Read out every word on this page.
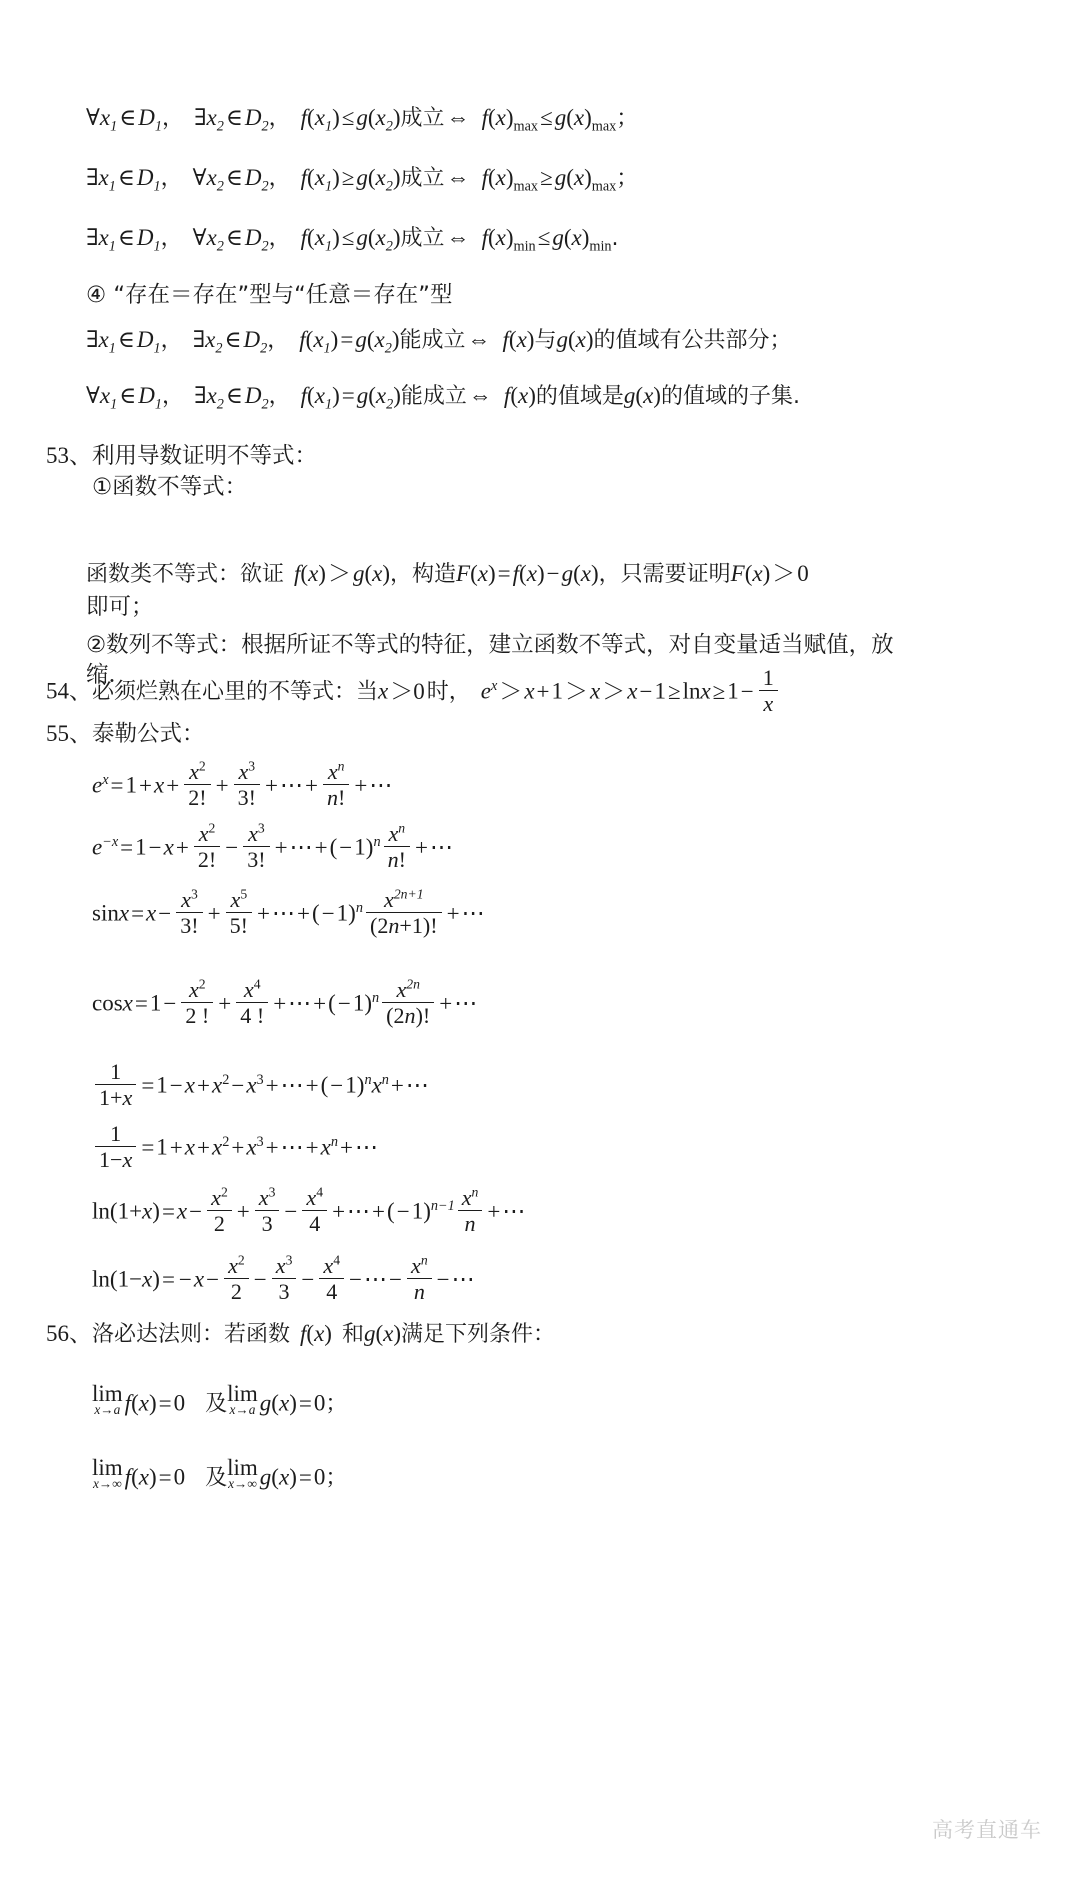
$\forall x_1\in D_1$， $\exists x_2\in D_2$， $f(x_1)\le g(x_2)$成立⇔ $f(x)_{max}\le g(x)_{max}$；
$\exists x_1\in D_1$， $\forall x_2\in D_2$， $f(x_1)\ge g(x_2)$成立⇔ $f(x)_{max}\ge g(x)_{max}$；
$\exists x_1\in D_1$， $\forall x_2\in D_2$， $f(x_1)\le g(x_2)$成立⇔ $f(x)_{min}\le g(x)_{min}$.
④ “存在＝存在”型与“任意＝存在”型
$\exists x_1\in D_1$， $\exists x_2\in D_2$， $f(x_1)=g(x_2)$能成立⇔ f(x)与g(x)的值域有公共部分；
$\forall x_1\in D_1$， $\exists x_2\in D_2$， $f(x_1)=g(x_2)$能成立⇔ f(x)的值域是g(x)的值域的子集.
53、利用导数证明不等式：
①函数不等式：
函数类不等式：欲证 f(x)＞g(x)，构造F(x)=f(x)−g(x)，只需要证明F(x)＞0
即可；
②数列不等式：根据所证不等式的特征，建立函数不等式，对自变量适当赋值，放缩．
54、必须烂熟在心里的不等式：当x＞0时， $e^x>x+1>x>x-1\ge\ln x\ge 1- \frac{1}{x}$
55、泰勒公式：
$e^x=1+x+ \frac{x^2}{2!} + \frac{x^3}{3!}$ +⋯+ $\frac{x^n}{n!}$ +⋯
$e^{-x}=1-x+ \frac{x^2}{2!} - \frac{x^3}{3!}$ $+\cdots+(-1)^n \frac{x^n}{n!}$ +⋯
$\sin x=x- \frac{x^3}{3!} + \frac{x^5}{5!}$ $+\cdots+(-1)^n \frac{x^{2n+1}}{(2n+1)!}$ +⋯
$\cos x=1- \frac{x^2}{2 !} + \frac{x^4}{4 !}$ $+\cdots+(-1)^n \frac{x^{2n}}{(2n)!}$ +⋯
$\frac{1}{1+x}$ $=1-x+x^2-x^3+\cdots+(-1)^nx^n+\cdots$
$\frac{1}{1-x}$ $=1+x+x^2+x^3+\cdots+x^n+\cdots$
$\ln(1+x)=x- \frac{x^2}{2} + \frac{x^3}{3} - \frac{x^4}{4}$ $+\cdots+(-1)^{n-1} \frac{x^n}{n}$ +⋯
$\ln(1-x)= -x- \frac{x^2}{2} - \frac{x^3}{3} - \frac{x^4}{4}$ −⋯− $\frac{x^n}{n}$ −⋯
56、洛必达法则：若函数 f(x) 和g(x)满足下列条件：
lim
x→a f(x)=0 及 lim
x→a g(x)=0；
lim
x→∞ f(x)=0 及 lim
x→∞ g(x)=0；
高考直通车
